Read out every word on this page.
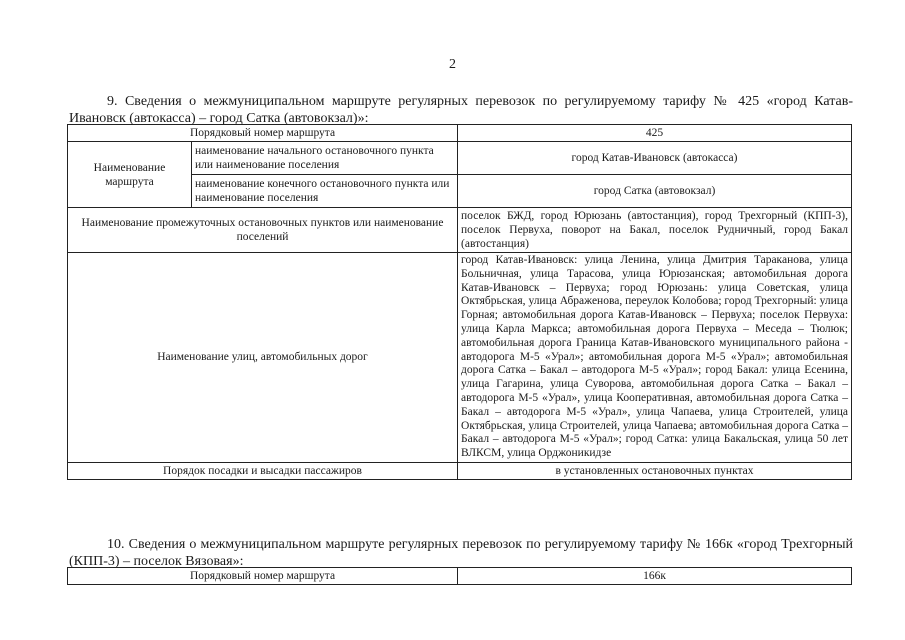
2
9. Сведения о межмуниципальном маршруте регулярных перевозок по регулируемому тарифу № 425 «город Катав-Ивановск (автокасса) – город Сатка (автовокзал)»:
Порядковый номер маршрута		425
Наименование маршрута	наименование начального остановочного пункта или наименование поселения	город Катав-Ивановск (автокасса)
	наименование конечного остановочного пункта или наименование поселения	город Сатка (автовокзал)
Наименование промежуточных остановочных пунктов или наименование поселений		поселок БЖД, город Юрюзань (автостанция), город Трехгорный (КПП-3), поселок Первуха, поворот на Бакал, поселок Рудничный, город Бакал (автостанция)
Наименование улиц, автомобильных дорог		город Катав-Ивановск: улица Ленина, улица Дмитрия Тараканова, улица Больничная, улица Тарасова, улица Юрюзанская; автомобильная дорога Катав-Ивановск – Первуха; город Юрюзань: улица Советская, улица Октябрьская, улица Абраженова, переулок Колобова; город Трехгорный: улица Горная; автомобильная дорога Катав-Ивановск – Первуха; поселок Первуха: улица Карла Маркса; автомобильная дорога Первуха – Меседа – Тюлюк; автомобильная дорога Граница Катав-Ивановского муниципального района - автодорога М-5 «Урал»; автомобильная дорога М-5 «Урал»; автомобильная дорога Сатка – Бакал – автодорога М-5 «Урал»; город Бакал: улица Есенина, улица Гагарина, улица Суворова, автомобильная дорога Сатка – Бакал – автодорога М-5 «Урал», улица Кооперативная, автомобильная дорога Сатка – Бакал – автодорога М-5 «Урал», улица Чапаева, улица Строителей, улица Октябрьская, улица Строителей, улица Чапаева; автомобильная дорога Сатка – Бакал – автодорога М-5 «Урал»; город Сатка: улица Бакальская, улица 50 лет ВЛКСМ, улица Орджоникидзе
Порядок посадки и высадки пассажиров		в установленных остановочных пунктах
10. Сведения о межмуниципальном маршруте регулярных перевозок по регулируемому тарифу № 166к «город Трехгорный (КПП-3) – поселок Вязовая»:
Порядковый номер маршрута	166к
